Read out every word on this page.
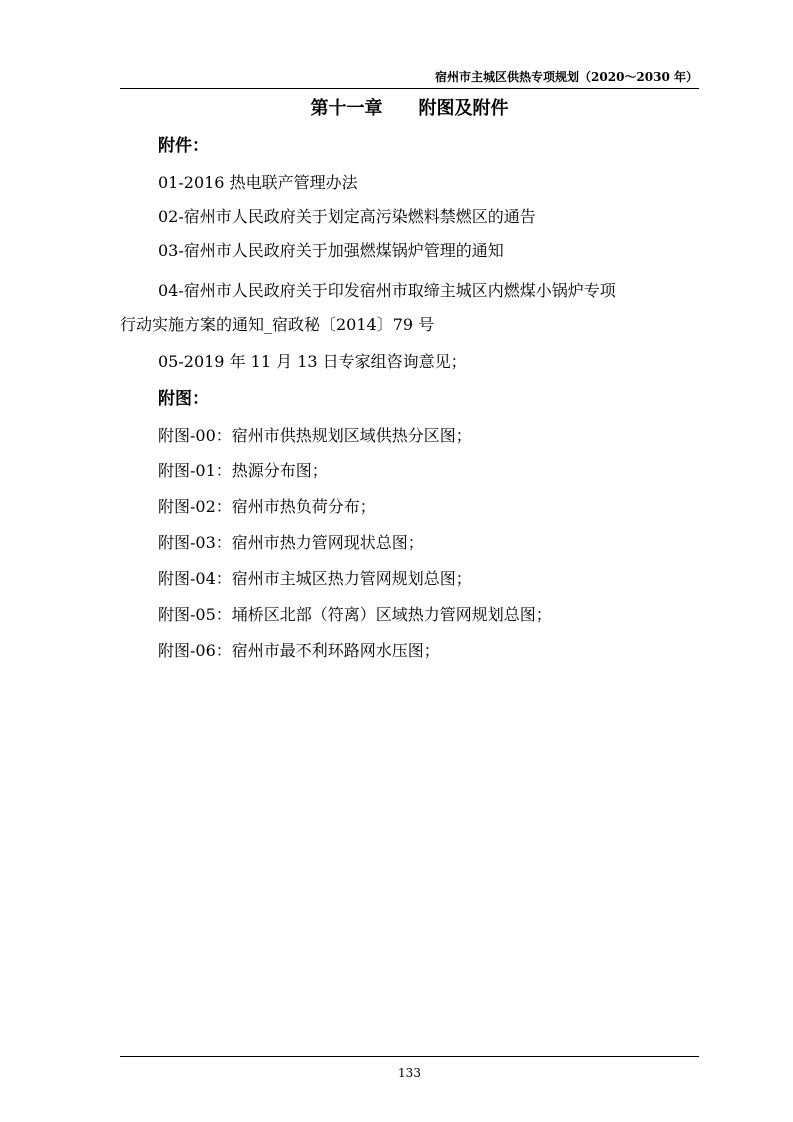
宿州市主城区供热专项规划（2020～2030 年）
第十一章　　附图及附件
附件：
01-2016 热电联产管理办法
02-宿州市人民政府关于划定高污染燃料禁燃区的通告
03-宿州市人民政府关于加强燃煤锅炉管理的通知
04-宿州市人民政府关于印发宿州市取缔主城区内燃煤小锅炉专项
行动实施方案的通知_宿政秘〔2014〕79 号
05-2019 年 11 月 13 日专家组咨询意见；
附图：
附图-00：宿州市供热规划区域供热分区图；
附图-01：热源分布图；
附图-02：宿州市热负荷分布；
附图-03：宿州市热力管网现状总图；
附图-04：宿州市主城区热力管网规划总图；
附图-05：埇桥区北部（符离）区域热力管网规划总图；
附图-06：宿州市最不利环路网水压图；
133
